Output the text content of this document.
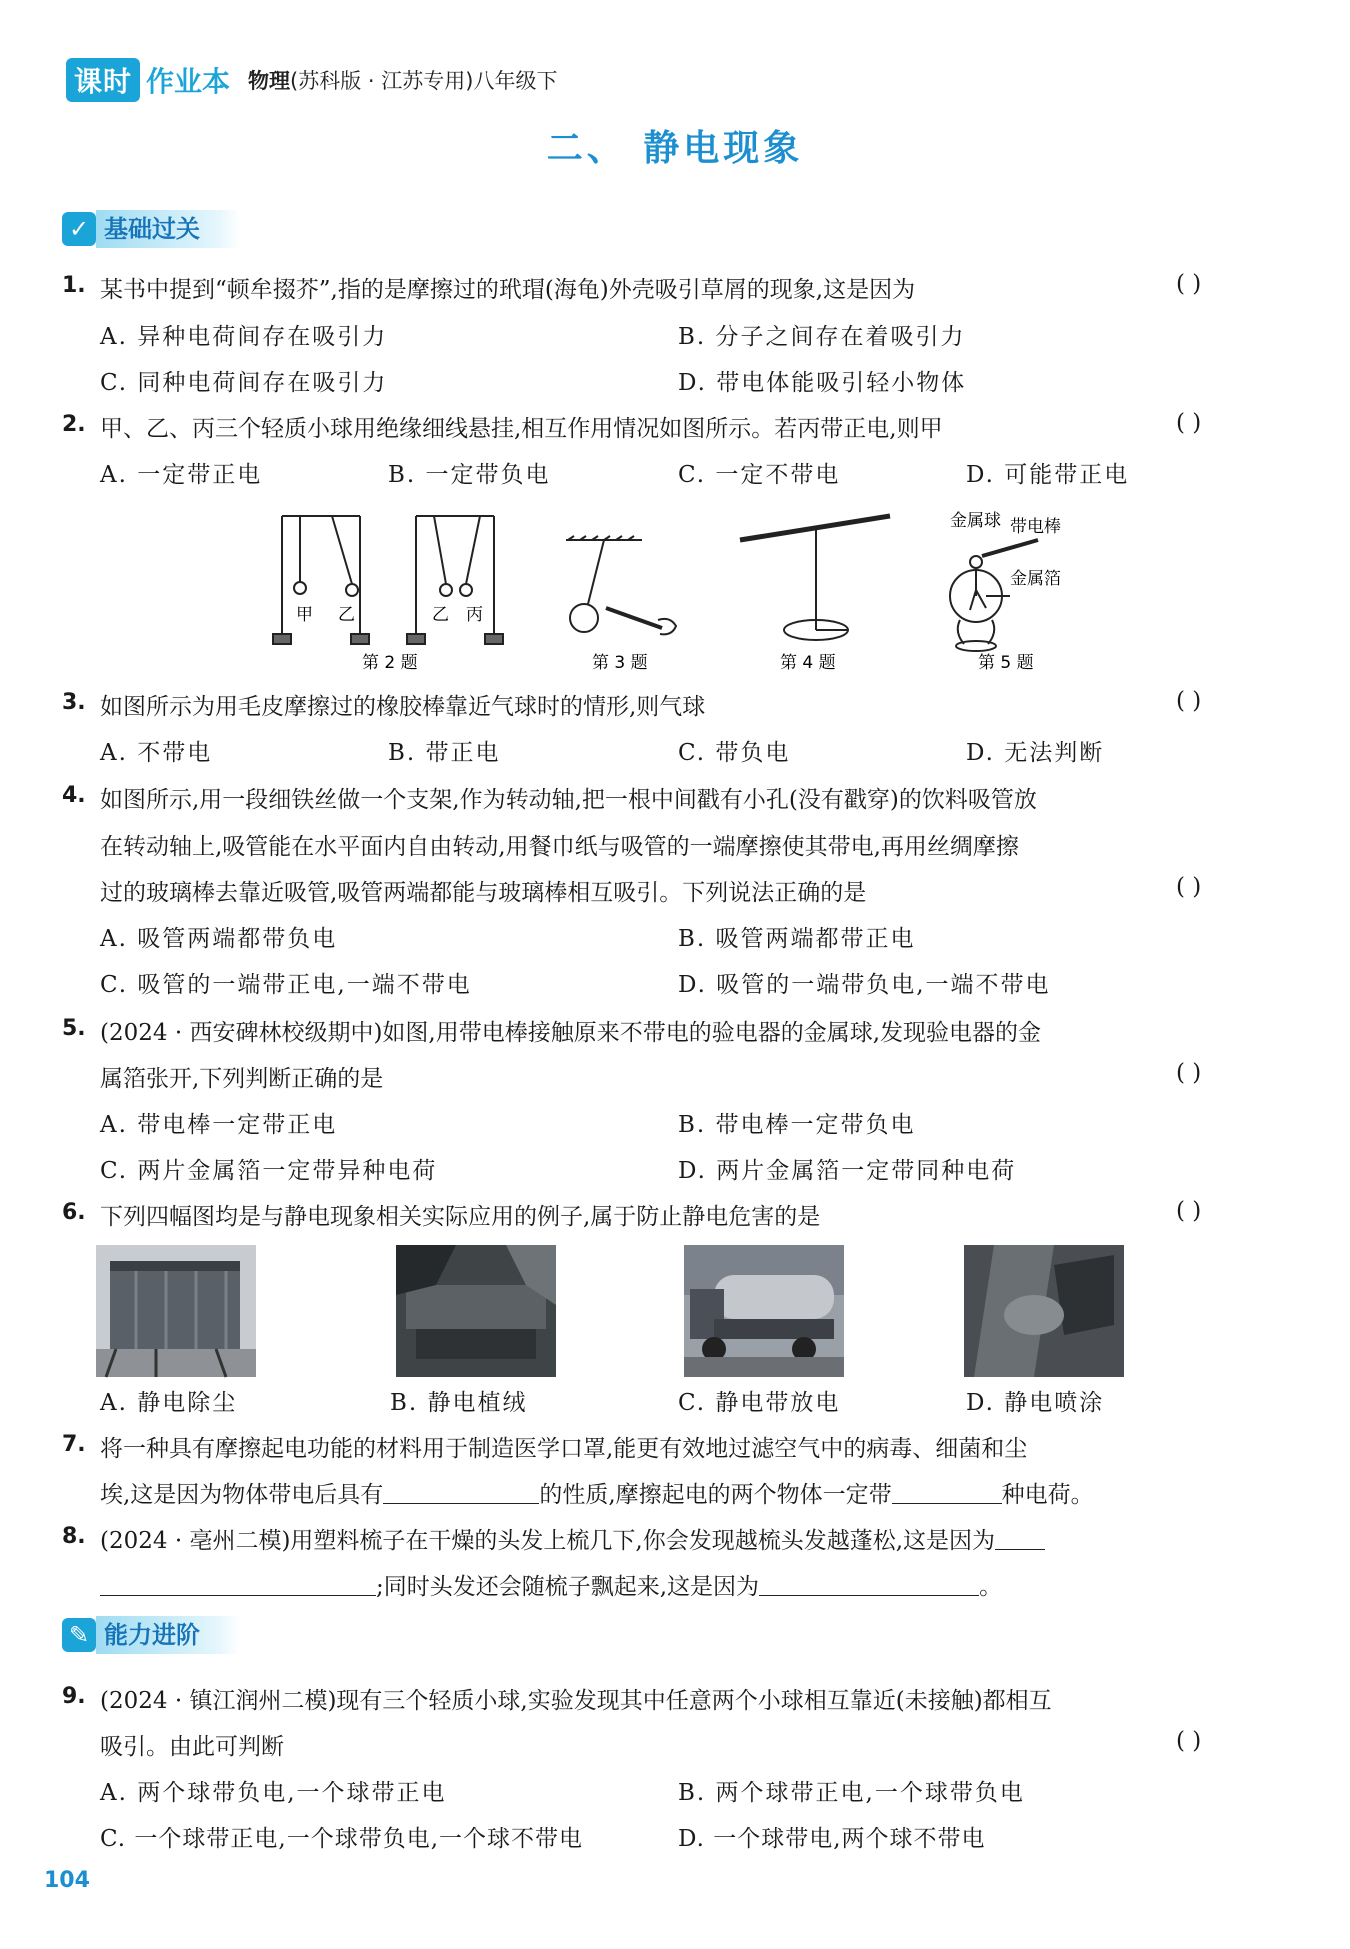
课时 作业本 物理(苏科版 · 江苏专用)八年级下
二、 静电现象
✓ 基础过关
1. 某书中提到“顿牟掇芥”,指的是摩擦过的玳瑁(海龟)外壳吸引草屑的现象,这是因为	( )
A. 异种电荷间存在吸引力	B. 分子之间存在着吸引力
C. 同种电荷间存在吸引力	D. 带电体能吸引轻小物体
2. 甲、乙、丙三个轻质小球用绝缘细线悬挂,相互作用情况如图所示。若丙带正电,则甲	( )
A. 一定带正电	B. 一定带负电	C. 一定不带电	D. 可能带正电
甲 乙	乙 丙
第 2 题	第 3 题	第 4 题
金属球 带电棒
金属箔
第 5 题
3. 如图所示为用毛皮摩擦过的橡胶棒靠近气球时的情形,则气球	( )
A. 不带电	B. 带正电	C. 带负电	D. 无法判断
4. 如图所示,用一段细铁丝做一个支架,作为转动轴,把一根中间戳有小孔(没有戳穿)的饮料吸管放
在转动轴上,吸管能在水平面内自由转动,用餐巾纸与吸管的一端摩擦使其带电,再用丝绸摩擦
过的玻璃棒去靠近吸管,吸管两端都能与玻璃棒相互吸引。下列说法正确的是	( )
A. 吸管两端都带负电	B. 吸管两端都带正电
C. 吸管的一端带正电,一端不带电	D. 吸管的一端带负电,一端不带电
5. (2024 · 西安碑林校级期中)如图,用带电棒接触原来不带电的验电器的金属球,发现验电器的金
属箔张开,下列判断正确的是	( )
A. 带电棒一定带正电	B. 带电棒一定带负电
C. 两片金属箔一定带异种电荷	D. 两片金属箔一定带同种电荷
6. 下列四幅图均是与静电现象相关实际应用的例子,属于防止静电危害的是	( )
A. 静电除尘	B. 静电植绒	C. 静电带放电	D. 静电喷涂
7. 将一种具有摩擦起电功能的材料用于制造医学口罩,能更有效地过滤空气中的病毒、细菌和尘
埃,这是因为物体带电后具有	的性质,摩擦起电的两个物体一定带	种电荷。
8. (2024 · 亳州二模)用塑料梳子在干燥的头发上梳几下,你会发现越梳头发越蓬松,这是因为
;同时头发还会随梳子飘起来,这是因为	。
✎ 能力进阶
9. (2024 · 镇江润州二模)现有三个轻质小球,实验发现其中任意两个小球相互靠近(未接触)都相互
吸引。由此可判断	( )
A. 两个球带负电,一个球带正电	B. 两个球带正电,一个球带负电
C. 一个球带正电,一个球带负电,一个球不带电	D. 一个球带电,两个球不带电
104
